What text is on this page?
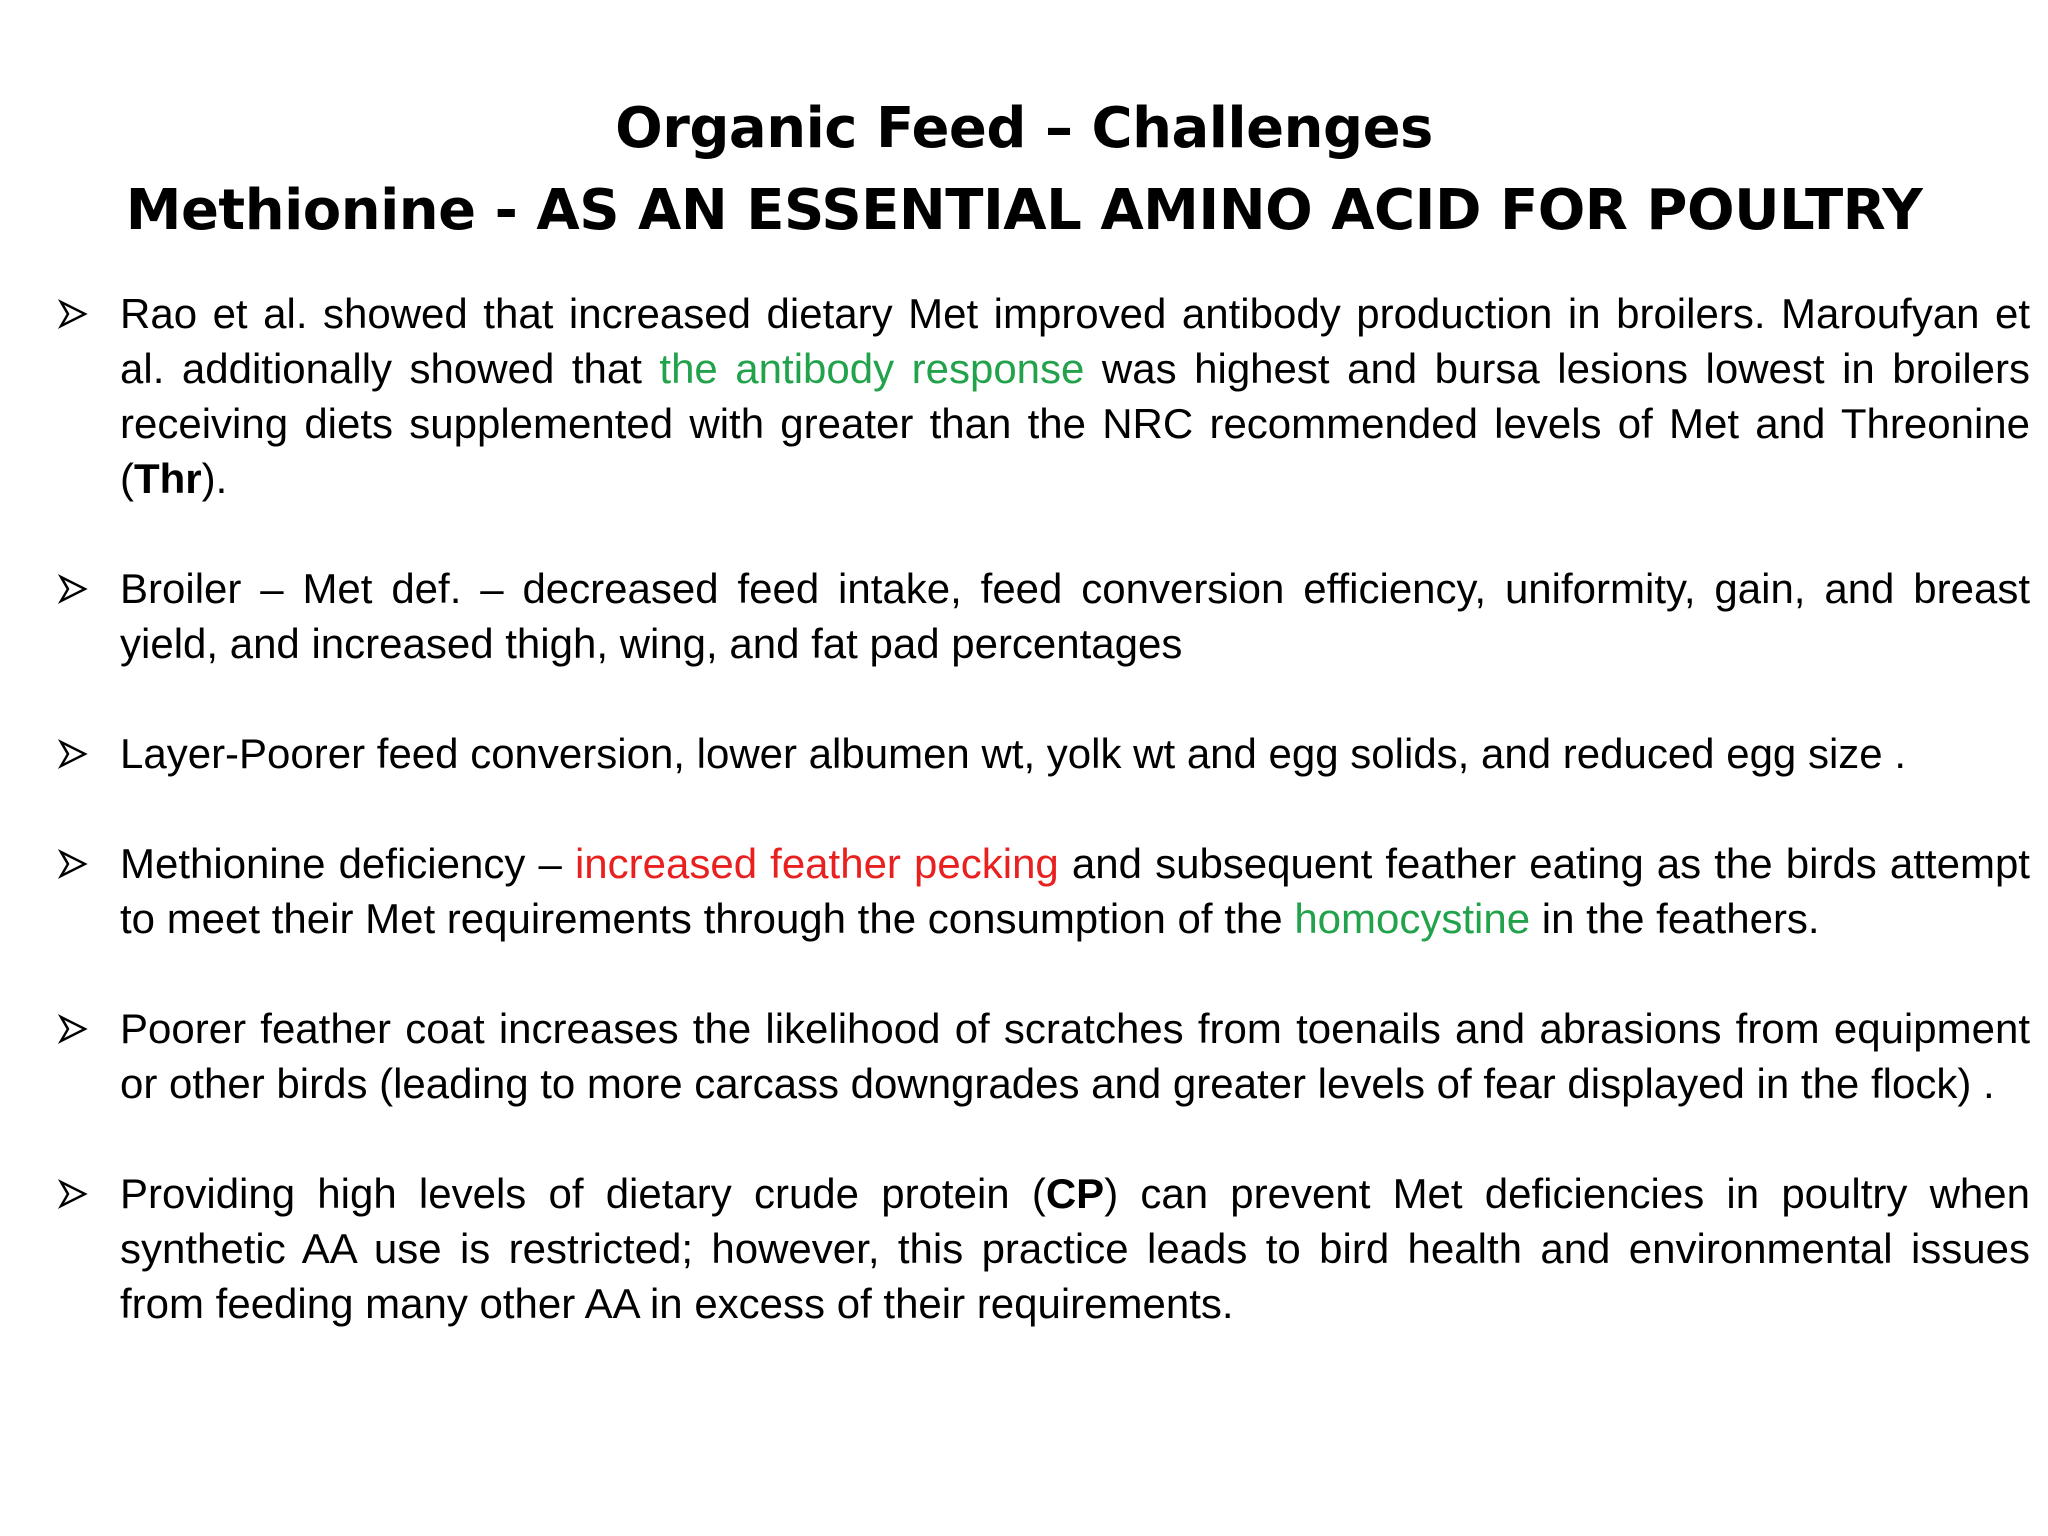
Organic Feed – Challenges
Methionine - AS AN ESSENTIAL AMINO ACID FOR POULTRY
Rao et al. showed that increased dietary Met improved antibody production in broilers. Maroufyan et al. additionally showed that the antibody response was highest and bursa lesions lowest in broilers receiving diets supplemented with greater than the NRC recommended levels of Met and Threonine (Thr).
Broiler – Met def. – decreased feed intake, feed conversion efficiency, uniformity, gain, and breast yield, and increased thigh, wing, and fat pad percentages
Layer-Poorer feed conversion, lower albumen wt, yolk wt and egg solids, and reduced egg size .
Methionine deficiency – increased feather pecking and subsequent feather eating as the birds attempt to meet their Met requirements through the consumption of the homocystine in the feathers.
Poorer feather coat increases the likelihood of scratches from toenails and abrasions from equipment or other birds (leading to more carcass downgrades and greater levels of fear displayed in the flock) .
Providing high levels of dietary crude protein (CP) can prevent Met deficiencies in poultry when synthetic AA use is restricted; however, this practice leads to bird health and environmental issues from feeding many other AA in excess of their requirements.
